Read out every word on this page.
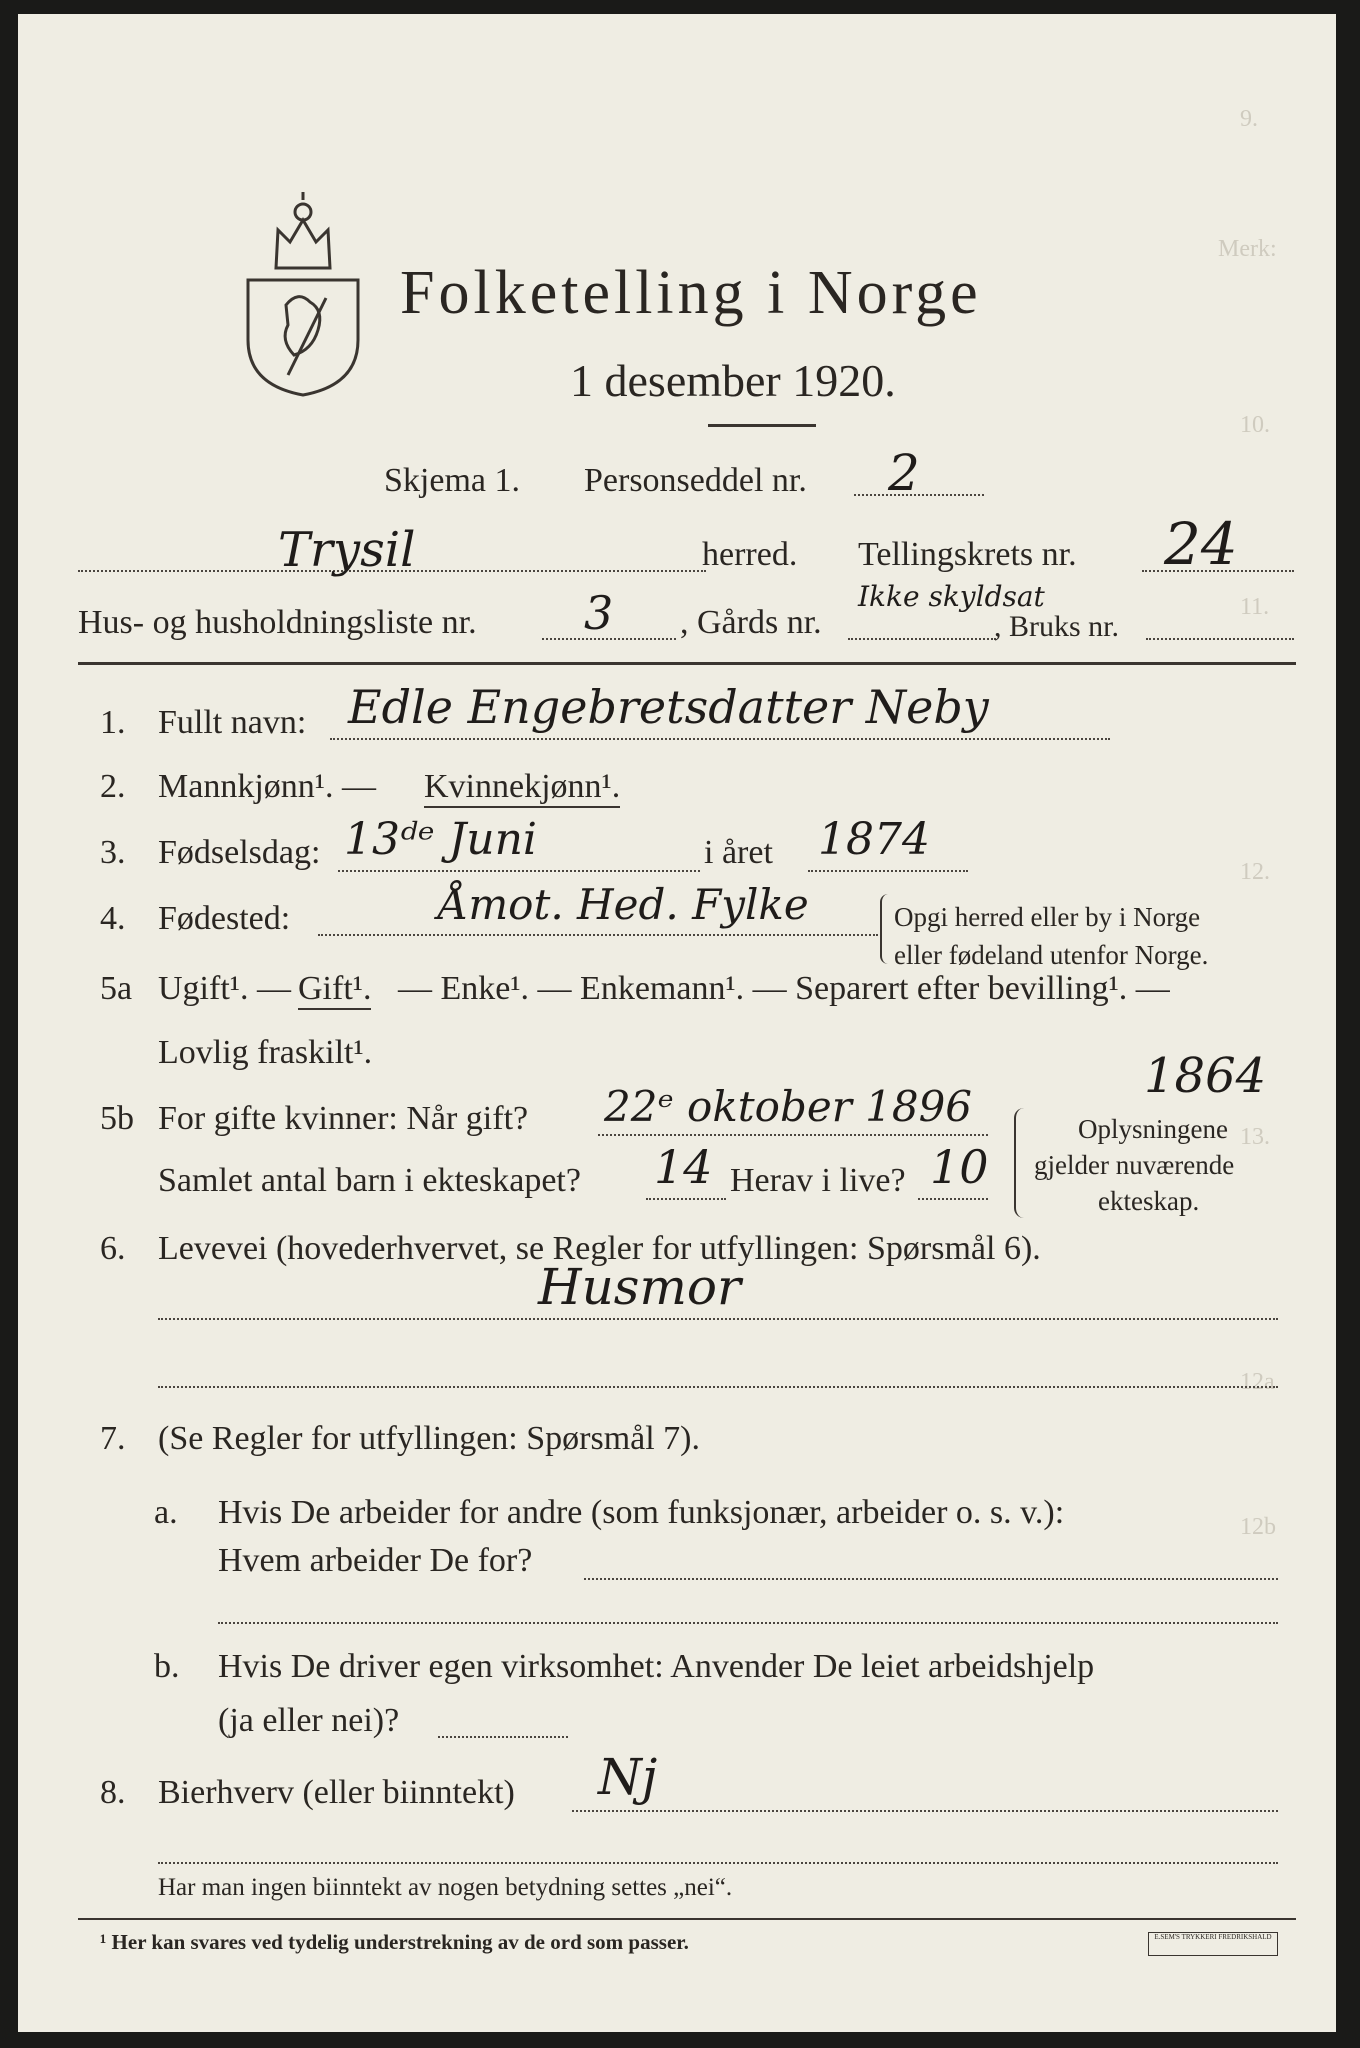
9.
Merk:
10.
11.
12.
13.
12a
12b
Folketelling i Norge
1 desember 1920.
Skjema 1. Personseddel nr. 2
Trysil	herred. Tellingskrets nr. 24
Hus- og husholdningsliste nr. 3 , Gårds nr.
Ikke skyldsat
, Bruks nr.
1. Fullt navn: Edle Engebretsdatter Neby
2. Mannkjønn¹. — Kvinnekjønn¹.
3. Fødselsdag: 13ᵈᵉ Juni	i året 1874
4. Fødested:	Åmot. Hed. Fylke	Opgi herred eller by i Norge
eller fødeland utenfor Norge.
5a Ugift¹. — Gift¹. — Enke¹. — Enkemann¹. — Separert efter bevilling¹. —
Lovlig fraskilt¹.	1864
5b For gifte kvinner: Når gift? 22ᵉ oktober 1896
Samlet antal barn i ekteskapet? 14 Herav i live? 10
Oplysningene
gjelder nuværende
ekteskap.
6. Levevei (hovederhvervet, se Regler for utfyllingen: Spørsmål 6).
Husmor
7. (Se Regler for utfyllingen: Spørsmål 7).
a. Hvis De arbeider for andre (som funksjonær, arbeider o. s. v.):
Hvem arbeider De for?
b. Hvis De driver egen virksomhet: Anvender De leiet arbeidshjelp
(ja eller nei)?
8. Bierhverv (eller biinntekt) Nj
Har man ingen biinntekt av nogen betydning settes „nei“.
¹ Her kan svares ved tydelig understrekning av de ord som passer.	E.SEM'S TRYKKERI FREDRIKSHALD
